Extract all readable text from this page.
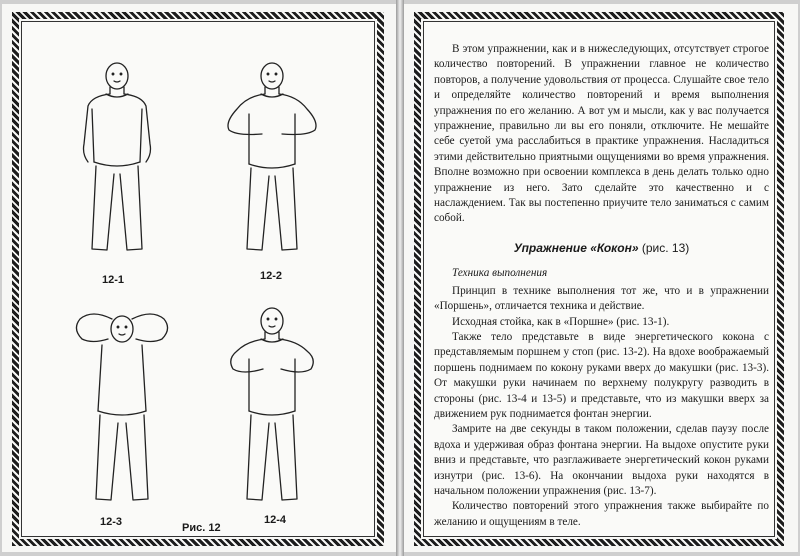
12-1	12-2
12-3	12-4
Рис. 12

В этом упражнении, как и в нижеследующих, отсутствует строгое количество повторений. В упражнении главное не количество повторов, а получение удовольствия от процесса. Слушайте свое тело и определяйте количество повторений и время выполнения упражнения по его желанию. А вот ум и мысли, как у вас получается упражнение, правильно ли вы его поняли, отключите. Не мешайте себе суетой ума расслабиться в практике упражнения. Насладиться этими действительно приятными ощущениями во время упражнения. Вполне возможно при освоении комплекса в день делать только одно упражнение из него. Зато сделайте это качественно и с наслаждением. Так вы постепенно приучите тело заниматься с самим собой.

Упражнение «Кокон» (рис. 13)
Техника выполнения

Принцип в технике выполнения тот же, что и в упражнении «Поршень», отличается техника и действие.

Исходная стойка, как в «Поршне» (рис. 13-1).

Также тело представьте в виде энергетического кокона с представляемым поршнем у стоп (рис. 13-2). На вдохе воображаемый поршень поднимаем по кокону руками вверх до макушки (рис. 13-3). От макушки руки начинаем по верхнему полукругу разводить в стороны (рис. 13-4 и 13-5) и представьте, что из макушки вверх за движением рук поднимается фонтан энергии.

Замрите на две секунды в таком положении, сделав паузу после вдоха и удерживая образ фонтана энергии. На выдохе опустите руки вниз и представьте, что разглаживаете энергетический кокон руками изнутри (рис. 13-6). На окончании выдоха руки находятся в начальном положении упражнения (рис. 13-7).

Количество повторений этого упражнения также выбирайте по желанию и ощущениям в теле.
